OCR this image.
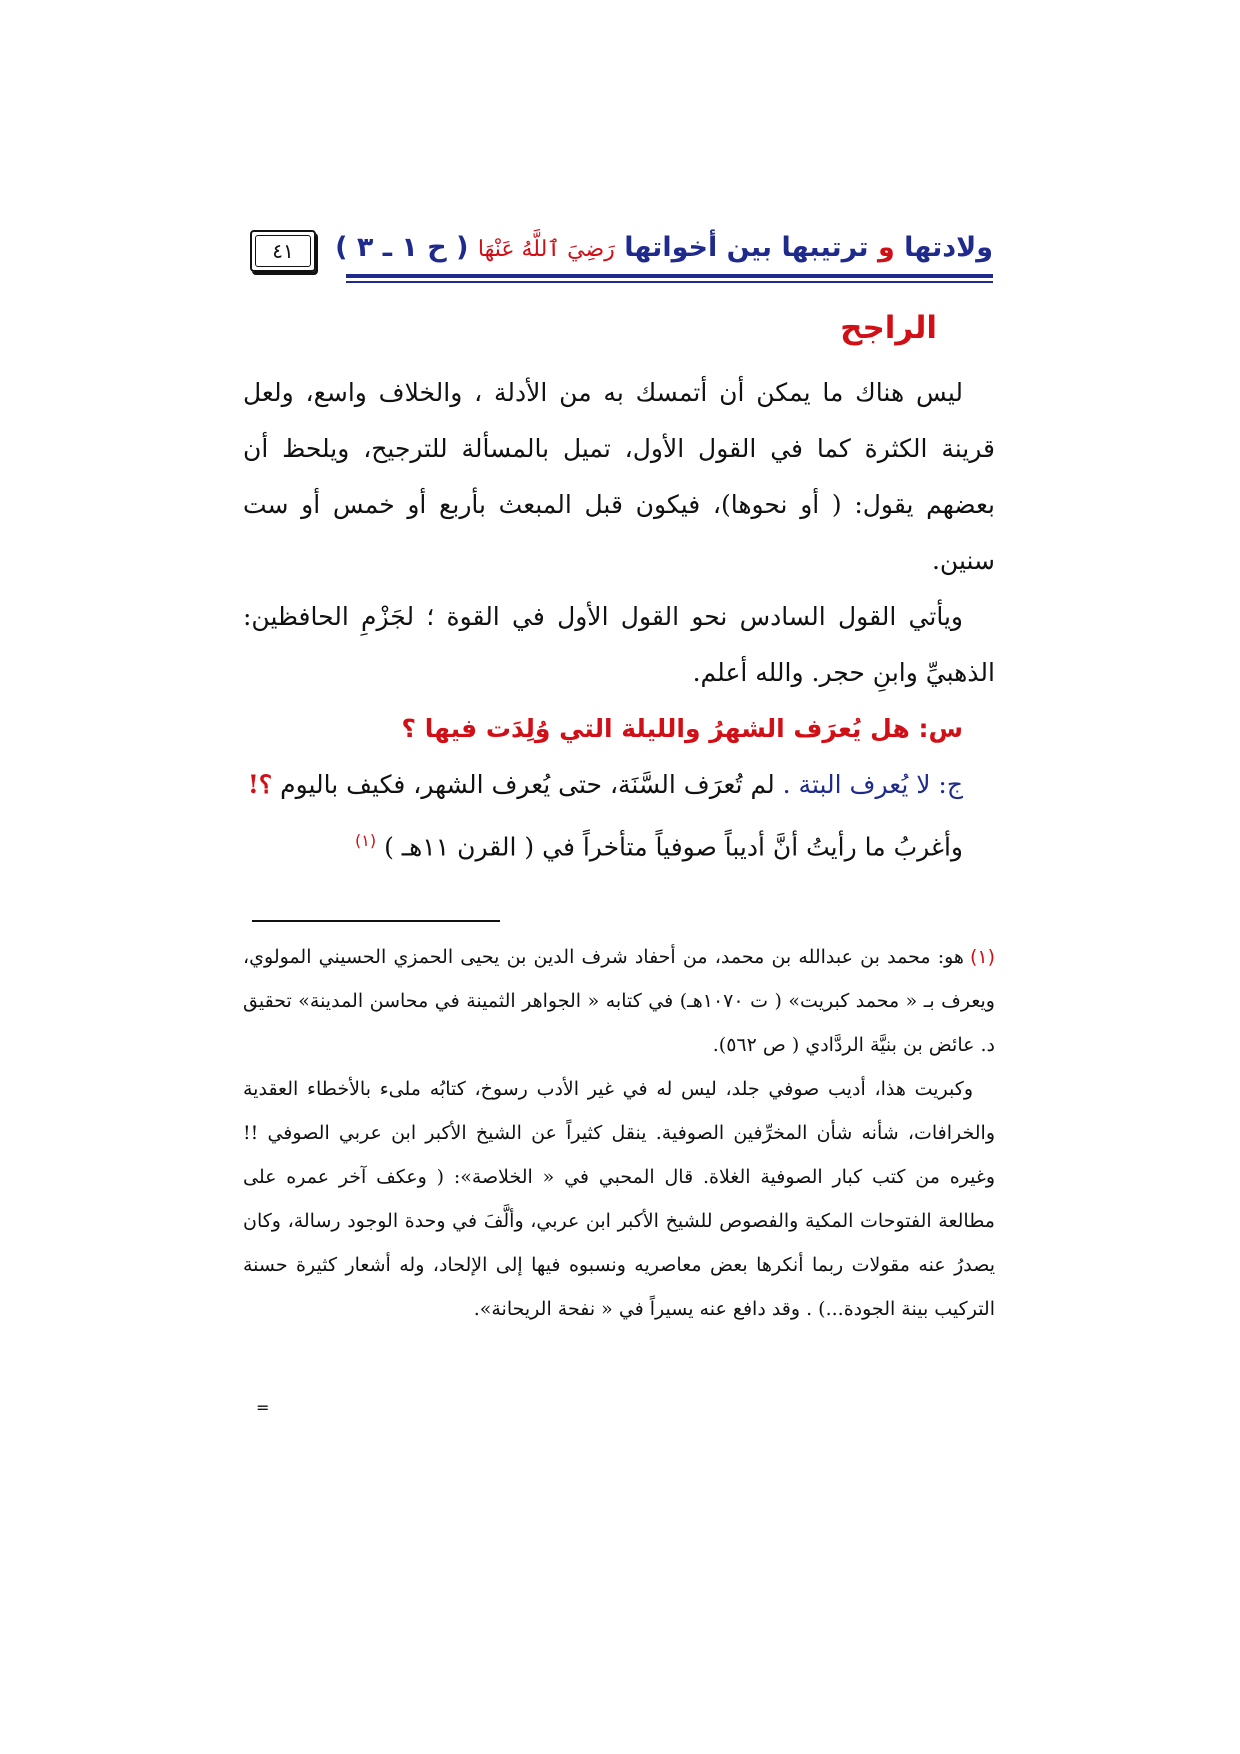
ولادتها و ترتيبها بين أخواتها رَضِيَ ٱللَّهُ عَنْهَا ( ح ١ ـ ٣ )
٤١
الراجح

ليس هناك ما يمكن أن أتمسك به من الأدلة ، والخلاف واسع، ولعل قرينة الكثرة كما في القول الأول، تميل بالمسألة للترجيح، ويلحظ أن بعضهم يقول: ( أو نحوها)، فيكون قبل المبعث بأربع أو خمس أو ست سنين.

ويأتي القول السادس نحو القول الأول في القوة ؛ لجَزْمِ الحافظين: الذهبيِّ وابنِ حجر. والله أعلم.

س: هل يُعرَف الشهرُ والليلة التي وُلِدَت فيها ؟

ج: لا يُعرف البتة . لم تُعرَف السَّنَة، حتى يُعرف الشهر، فكيف باليوم ؟!

وأغربُ ما رأيتُ أنَّ أديباً صوفياً متأخراً في ( القرن ١١هـ ) $^{(١)}$

(١)هو: محمد بن عبدالله بن محمد، من أحفاد شرف الدين بن يحيى الحمزي الحسيني المولوي، ويعرف بـ « محمد كبريت» ( ت ١٠٧٠هـ) في كتابه « الجواهر الثمينة في محاسن المدينة» تحقيق د. عائض بن بنيَّة الردَّادي ( ص ٥٦٢).

وكبريت هذا، أديب صوفي جلد، ليس له في غير الأدب رسوخ، كتابُه ملىء بالأخطاء العقدية والخرافات، شأنه شأن المخرِّفين الصوفية. ينقل كثيراً عن الشيخ الأكبر ابن عربي الصوفي !! وغيره من كتب كبار الصوفية الغلاة. قال المحبي في « الخلاصة»: ( وعكف آخر عمره على مطالعة الفتوحات المكية والفصوص للشيخ الأكبر ابن عربي، وألَّفَ في وحدة الوجود رسالة، وكان يصدرُ عنه مقولات ربما أنكرها بعض معاصريه ونسبوه فيها إلى الإلحاد، وله أشعار كثيرة حسنة التركيب بينة الجودة...) . وقد دافع عنه يسيراً في « نفحة الريحانة».

=
